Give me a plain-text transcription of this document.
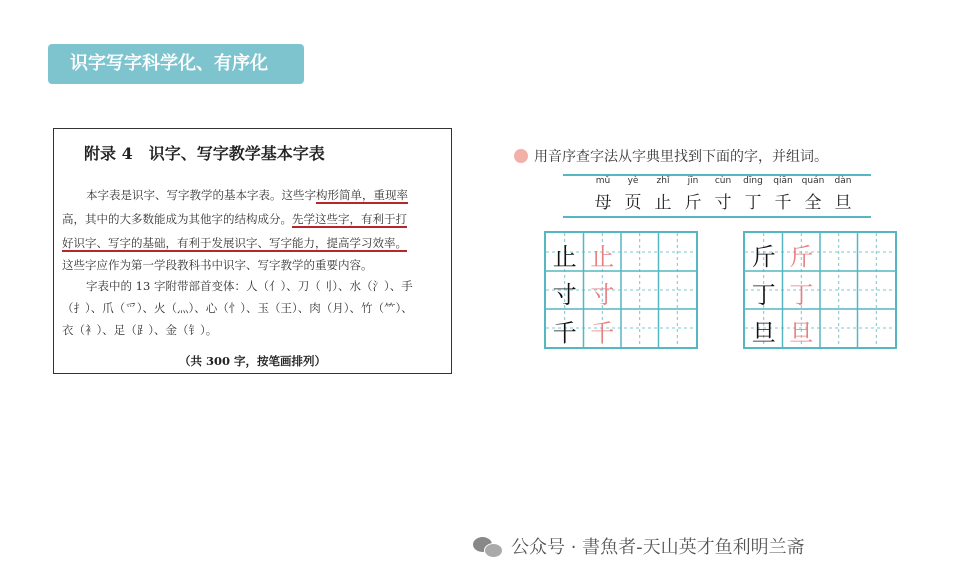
识字写字科学化、有序化
附录 4　识字、写字教学基本字表
本字表是识字、写字教学的基本字表。这些字构形简单，重现率
高，其中的大多数能成为其他字的结构成分。先学这些字，有利于打
好识字、写字的基础，有利于发展识字、写字能力，提高学习效率。
这些字应作为第一学段教科书中识字、写字教学的重要内容。
字表中的 13 字附带部首变体：人（亻）、刀（刂）、水（氵）、手
（扌）、爪（爫）、火（灬）、心（忄）、玉（王）、肉（月）、竹（⺮）、
衣（衤）、足（⻊）、金（钅）。
（共 300 字，按笔画排列）
用音序查字法从字典里找到下面的字，并组词。
mǔ
母
yè
页
zhǐ
止
jīn
斤
cùn
寸
dīng
丁
qiān
千
quán
全
dàn
旦
止 止
寸 寸
千 千
斤 斤
丁 丁
旦 旦
公众号 · 書魚者-天山英才鱼利明兰斋
